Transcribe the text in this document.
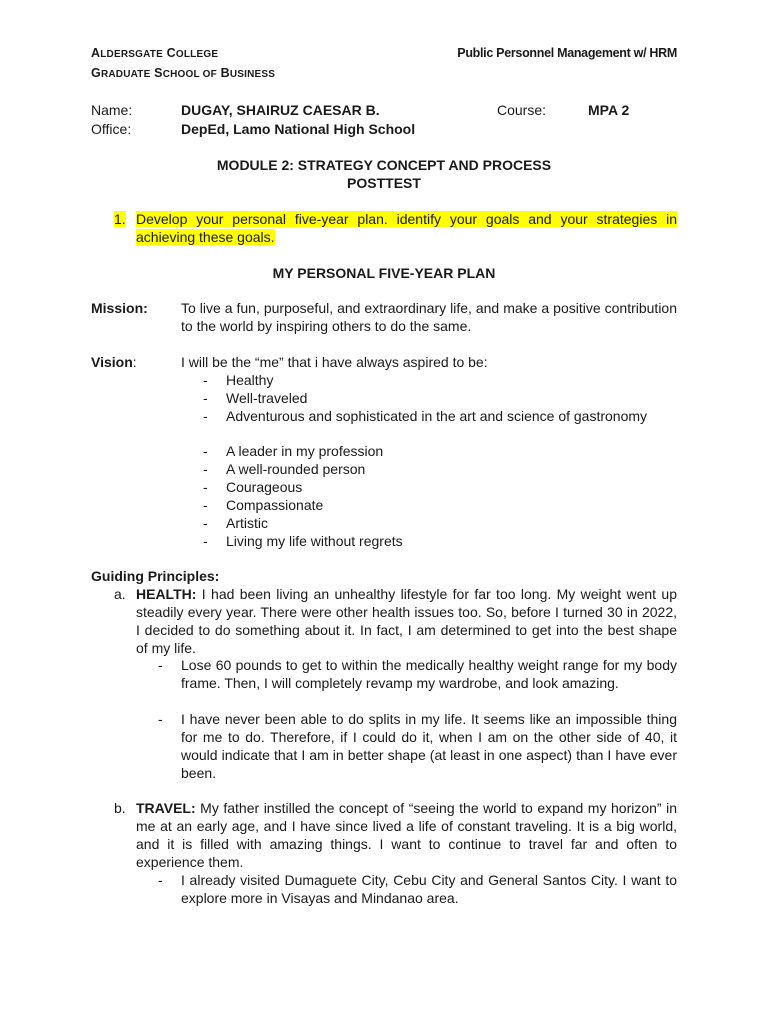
ALDERSGATE COLLEGE
GRADUATE SCHOOL OF BUSINESS
Public Personnel Management w/ HRM
Name:	DUGAY, SHAIRUZ CAESAR B.	Course:	MPA 2
Office:	DepEd, Lamo National High School
MODULE 2: STRATEGY CONCEPT AND PROCESS
POSTTEST
1. Develop your personal five-year plan. identify your goals and your strategies in
achieving these goals.
MY PERSONAL FIVE-YEAR PLAN
Mission: To live a fun, purposeful, and extraordinary life, and make a positive contribution to the world by inspiring others to do the same.
Vision:	I will be the “me” that i have always aspired to be:
- Healthy
- Well-traveled
- Adventurous and sophisticated in the art and science of gastronomy
- A leader in my profession
- A well-rounded person
- Courageous
- Compassionate
- Artistic
- Living my life without regrets
Guiding Principles:
a. HEALTH: I had been living an unhealthy lifestyle for far too long. My weight went up steadily every year. There were other health issues too. So, before I turned 30 in 2022, I decided to do something about it. In fact, I am determined to get into the best shape of my life.
- Lose 60 pounds to get to within the medically healthy weight range for my body frame. Then, I will completely revamp my wardrobe, and look amazing.
- I have never been able to do splits in my life. It seems like an impossible thing for me to do. Therefore, if I could do it, when I am on the other side of 40, it would indicate that I am in better shape (at least in one aspect) than I have ever been.
b. TRAVEL: My father instilled the concept of “seeing the world to expand my horizon” in me at an early age, and I have since lived a life of constant traveling. It is a big world, and it is filled with amazing things. I want to continue to travel far and often to experience them.
- I already visited Dumaguete City, Cebu City and General Santos City. I want to explore more in Visayas and Mindanao area.
